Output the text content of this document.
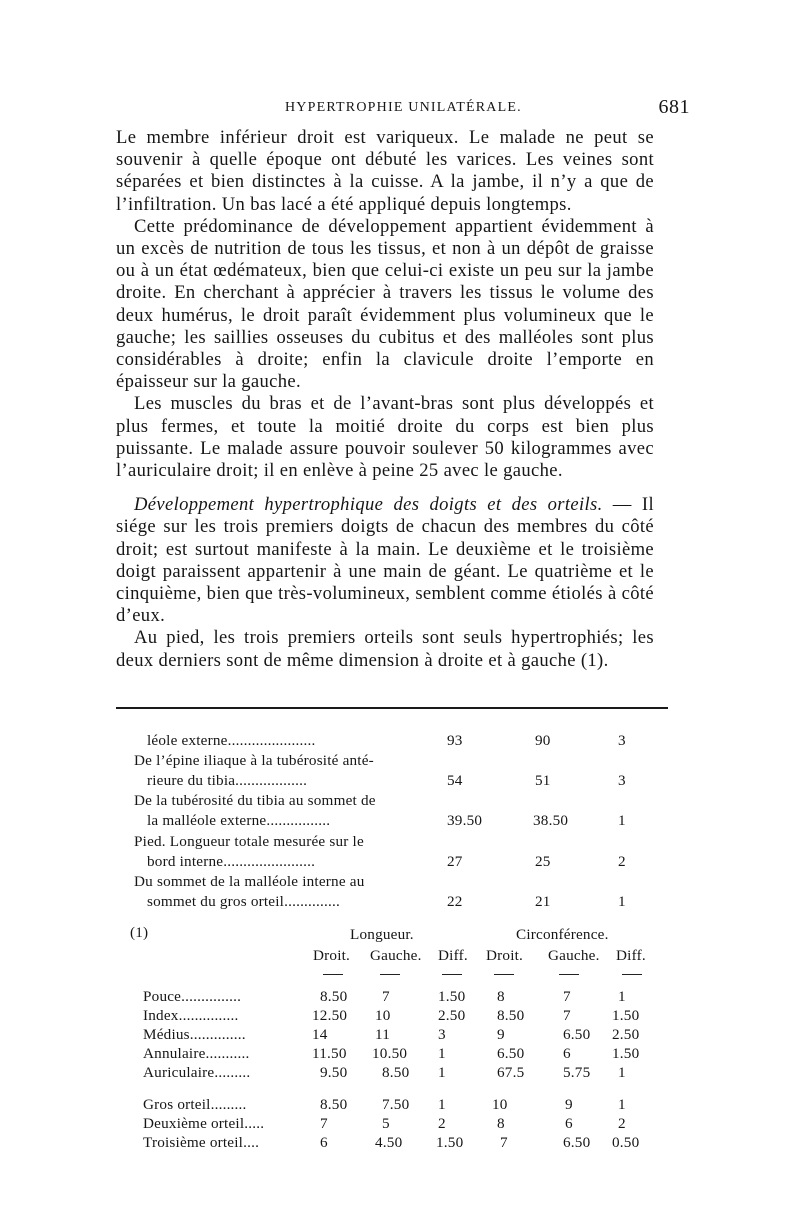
HYPERTROPHIE UNILATÉRALE.	681

Le membre inférieur droit est variqueux. Le malade ne peut se souvenir à quelle époque ont débuté les varices. Les veines sont séparées et bien distinctes à la cuisse. A la jambe, il n’y a que de l’infiltration. Un bas lacé a été appliqué depuis longtemps.

Cette prédominance de développement appartient évidemment à un excès de nutrition de tous les tissus, et non à un dépôt de graisse ou à un état œdémateux, bien que celui-ci existe un peu sur la jambe droite. En cherchant à apprécier à travers les tissus le volume des deux humérus, le droit paraît évidemment plus volumineux que le gauche; les saillies osseuses du cubitus et des malléoles sont plus considérables à droite; enfin la clavicule droite l’emporte en épaisseur sur la gauche.

Les muscles du bras et de l’avant-bras sont plus développés et plus fermes, et toute la moitié droite du corps est bien plus puissante. Le malade assure pouvoir soulever 50 kilogrammes avec l’auriculaire droit; il en enlève à peine 25 avec le gauche.

Développement hypertrophique des doigts et des orteils. — Il siége sur les trois premiers doigts de chacun des membres du côté droit; est surtout manifeste à la main. Le deuxième et le troisième doigt paraissent appartenir à une main de géant. Le quatrième et le cinquième, bien que très-volumineux, semblent comme étiolés à côté d’eux.

Au pied, les trois premiers orteils sont seuls hypertrophiés; les deux derniers sont de même dimension à droite et à gauche (1).

léole externe......................	93	90	3
De l’épine iliaque à la tubérosité anté-
rieure du tibia..................	54	51	3
De la tubérosité du tibia au sommet de
la malléole externe................	39.50	38.50	1
Pied. Longueur totale mesurée sur le
bord interne.......................	27	25	2
Du sommet de la malléole interne au
sommet du gros orteil..............	22	21	1
(1)	Longueur.	Circonférence.
Droit. Gauche. Diff. Droit. Gauche. Diff.
Pouce...............	8.50 7	1.50 8	7	1
Index...............	12.50 10	2.50 8.50	7	1.50
Médius..............	14	11	3	9	6.50 2.50
Annulaire...........	11.50 10.50 1	6.50	6	1.50
Auriculaire.........	9.50 8.50 1	67.5	5.75 1
Gros orteil.........	8.50 7.50 1	10	9	1
Deuxième orteil.....	7	5	2	8	6	2
Troisième orteil....	6	4.50 1.50 7	6.50 0.50
